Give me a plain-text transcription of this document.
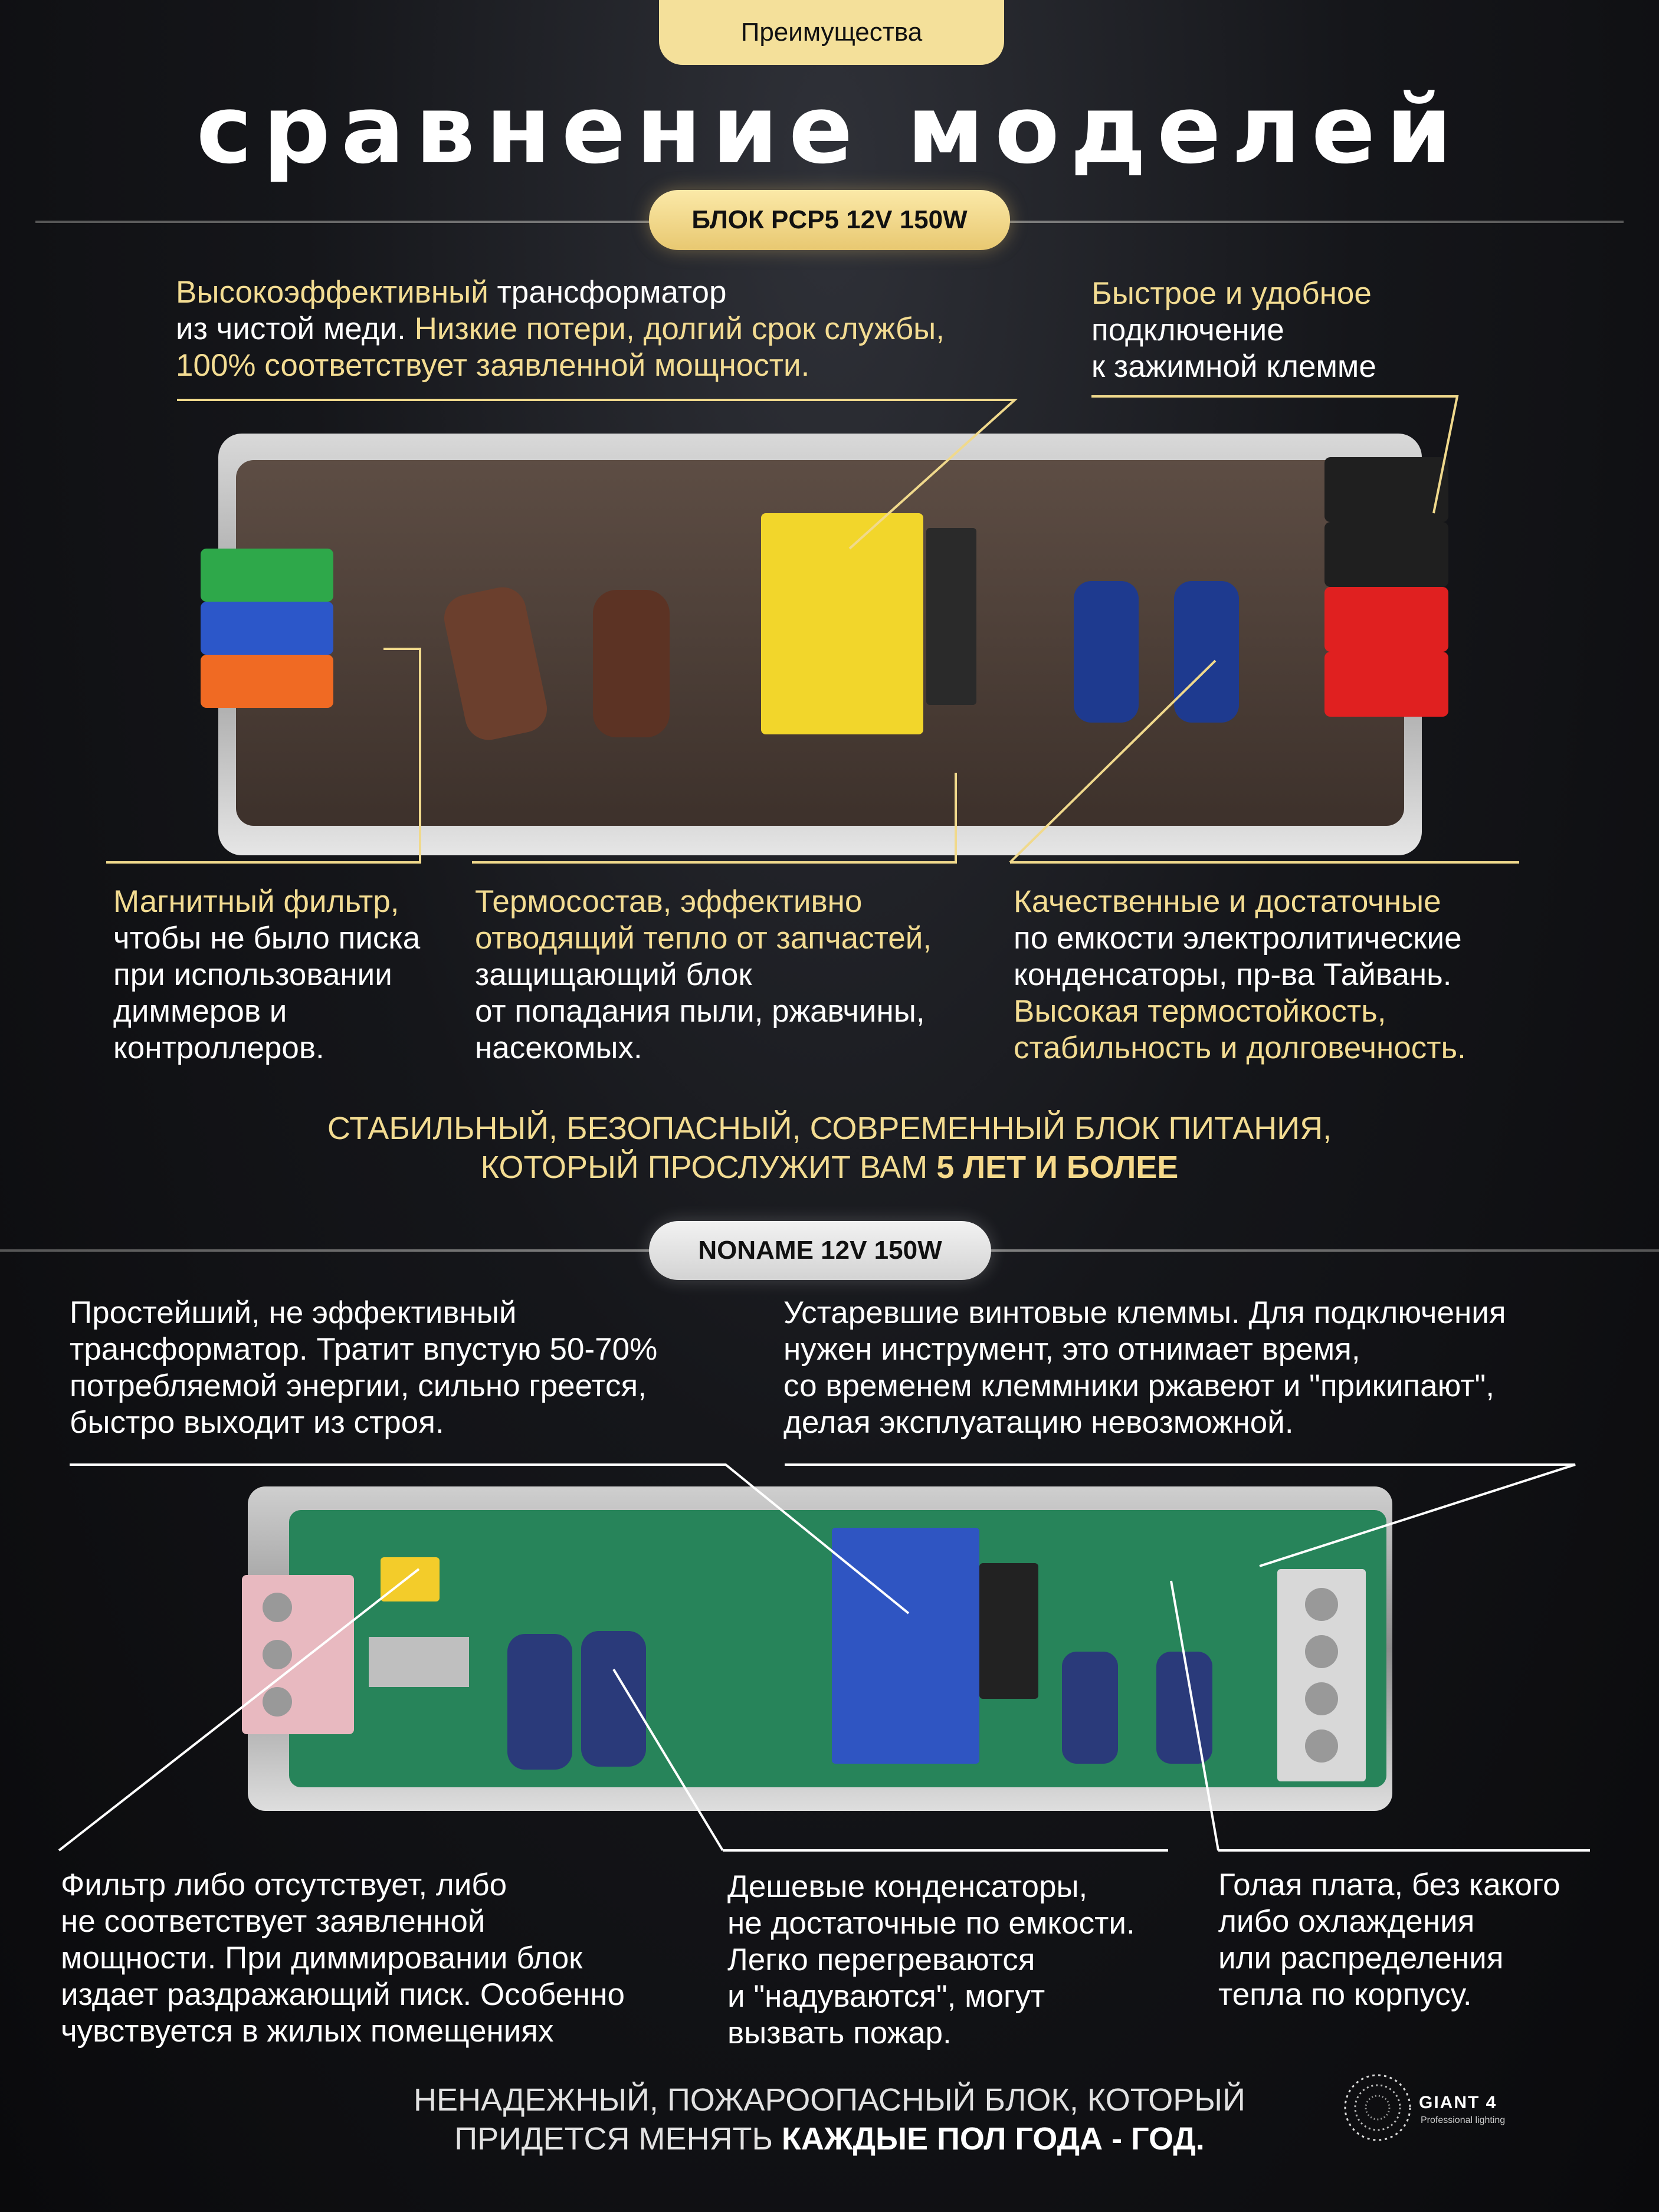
Преимущества
сравнение моделей
БЛОК PCP5 12V 150W
Высокоэффективный трансформатор
из чистой меди. Низкие потери, долгий срок службы,
100% соответствует заявленной мощности.
Быстрое и удобное
подключение
к зажимной клемме
Магнитный фильтр,
чтобы не было писка
при использовании
диммеров и
контроллеров.
Термосостав, эффективно
отводящий тепло от запчастей,
защищающий блок
от попадания пыли, ржавчины,
насекомых.
Качественные и достаточные
по емкости электролитические
конденсаторы, пр-ва Тайвань.
Высокая термостойкость,
стабильность и долговечность.
СТАБИЛЬНЫЙ, БЕЗОПАСНЫЙ, СОВРЕМЕННЫЙ БЛОК ПИТАНИЯ,
КОТОРЫЙ ПРОСЛУЖИТ ВАМ 5 ЛЕТ И БОЛЕЕ
NONAME 12V 150W
Простейший, не эффективный
трансформатор. Тратит впустую 50-70%
потребляемой энергии, сильно греется,
быстро выходит из строя.
Устаревшие винтовые клеммы. Для подключения
нужен инструмент, это отнимает время,
со временем клеммники ржавеют и "прикипают",
делая эксплуатацию невозможной.
Фильтр либо отсутствует, либо
не соответствует заявленной
мощности. При диммировании блок
издает раздражающий писк. Особенно
чувствуется в жилых помещениях
Дешевые конденсаторы,
не достаточные по емкости.
Легко перегреваются
и "надуваются", могут
вызвать пожар.
Голая плата, без какого
либо охлаждения
или распределения
тепла по корпусу.
НЕНАДЕЖНЫЙ, ПОЖАРООПАСНЫЙ БЛОК, КОТОРЫЙ
ПРИДЕТСЯ МЕНЯТЬ КАЖДЫЕ ПОЛ ГОДА - ГОД.
GIANT 4
Professional lighting
